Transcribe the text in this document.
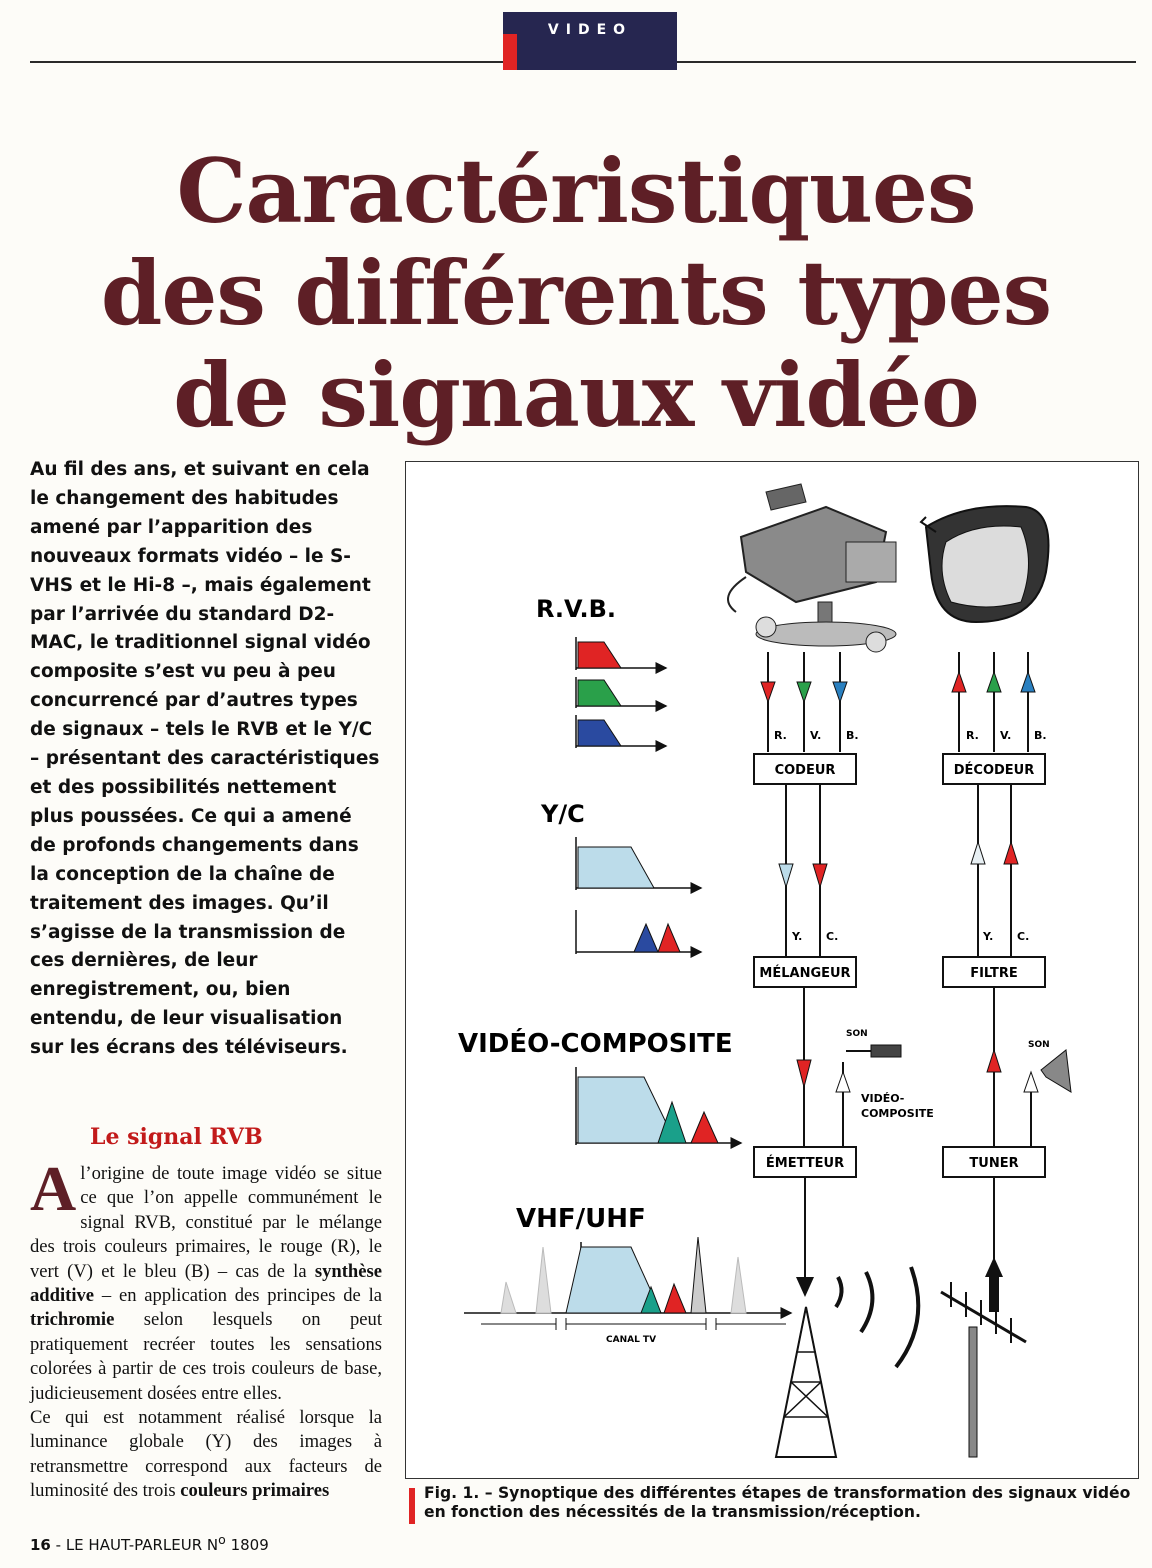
VIDEO
Caractéristiques
des différents types
de signaux vidéo
Au fil des ans, et suivant en cela le changement des habitudes amené par l’apparition des nouveaux formats vidéo – le S-VHS et le Hi-8 –, mais également par l’arrivée du standard D2-MAC, le traditionnel signal vidéo composite s’est vu peu à peu concurrencé par d’autres types de signaux – tels le RVB et le Y/C – présentant des caractéristiques et des possibilités nettement plus poussées. Ce qui a amené de profonds changements dans la conception de la chaîne de traitement des images. Qu’il s’agisse de la transmission de ces dernières, de leur enregistrement, ou, bien entendu, de leur visualisation sur les écrans des téléviseurs.
Le signal RVB

Al’origine de toute image vidéo se situe ce que l’on appelle communément le signal RVB, constitué par le mélange des trois couleurs primaires, le rouge (R), le vert (V) et le bleu (B) – cas de la synthèse additive – en application des principes de la trichromie selon lesquels on peut pratiquement recréer toutes les sensations colorées à partir de ces trois couleurs de base, judicieusement dosées entre elles.

Ce qui est notamment réalisé lorsque la luminance globale (Y) des images à retransmettre correspond aux facteurs de luminosité des trois couleurs primaires

R.V.B.
Y/C
VIDÉO-COMPOSITE
VHF/UHF
CANAL TV
R. V. B.	R. V. B.
CODEUR	DÉCODEUR
Y. C.	Y. C.
MÉLANGEUR	FILTRE
SON
VIDÉO-
COMPOSITE
SON
ÉMETTEUR	TUNER
Fig. 1. – Synoptique des différentes étapes de transformation des signaux vidéo en fonction des nécessités de la transmission/réception.
16 - LE HAUT-PARLEUR $N^o$ 1809
